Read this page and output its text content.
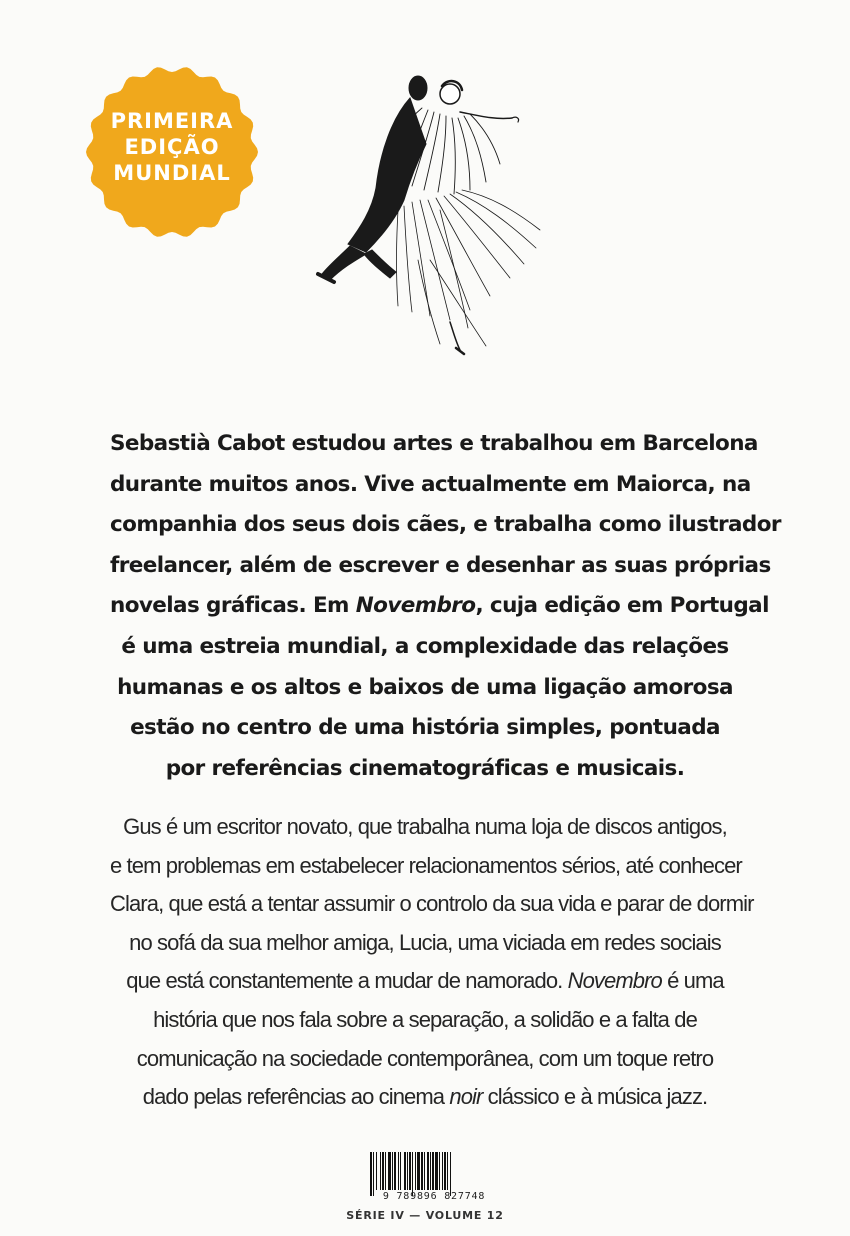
PRIMEIRA
EDIÇÃO
MUNDIAL
Sebastià Cabot estudou artes e trabalhou em Barcelona
durante muitos anos. Vive actualmente em Maiorca, na
companhia dos seus dois cães, e trabalha como ilustrador
freelancer, além de escrever e desenhar as suas próprias
novelas gráficas. Em Novembro, cuja edição em Portugal
é uma estreia mundial, a complexidade das relações
humanas e os altos e baixos de uma ligação amorosa
estão no centro de uma história simples, pontuada
por referências cinematográficas e musicais.
Gus é um escritor novato, que trabalha numa loja de discos antigos,
e tem problemas em estabelecer relacionamentos sérios, até conhecer
Clara, que está a tentar assumir o controlo da sua vida e parar de dormir
no sofá da sua melhor amiga, Lucia, uma viciada em redes sociais
que está constantemente a mudar de namorado. Novembro é uma
história que nos fala sobre a separação, a solidão e a falta de
comunicação na sociedade contemporânea, com um toque retro
dado pelas referências ao cinema noir clássico e à música jazz.
9 789896 827748
SÉRIE IV — VOLUME 12
